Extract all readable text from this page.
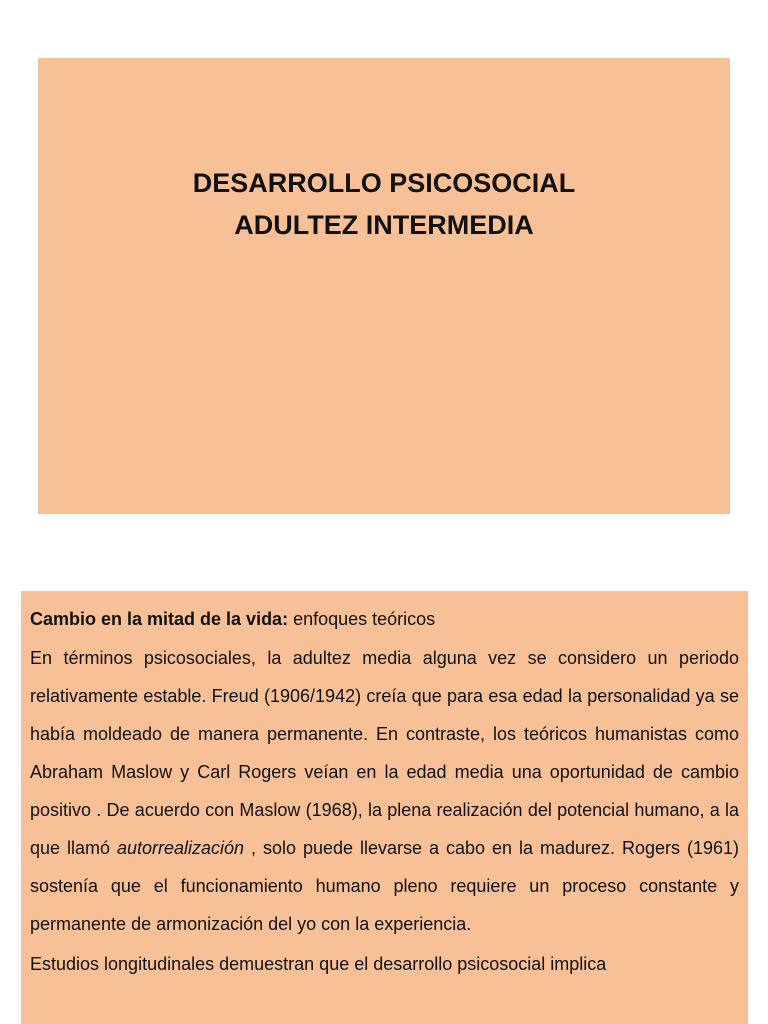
DESARROLLO PSICOSOCIAL
ADULTEZ INTERMEDIA

Cambio en la mitad de la vida: enfoques teóricos

En términos psicosociales, la adultez media alguna vez se considero un periodo relativamente estable. Freud (1906/1942) creía que para esa edad la personalidad ya se había moldeado de manera permanente. En contraste, los teóricos humanistas como Abraham Maslow y Carl Rogers veían en la edad media una oportunidad de cambio positivo . De acuerdo con Maslow (1968), la plena realización del potencial humano, a la que llamó autorrealización , solo puede llevarse a cabo en la madurez. Rogers (1961) sostenía que el funcionamiento humano pleno requiere un proceso constante y permanente de armonización del yo con la experiencia.

Estudios longitudinales demuestran que el desarrollo psicosocial implica
